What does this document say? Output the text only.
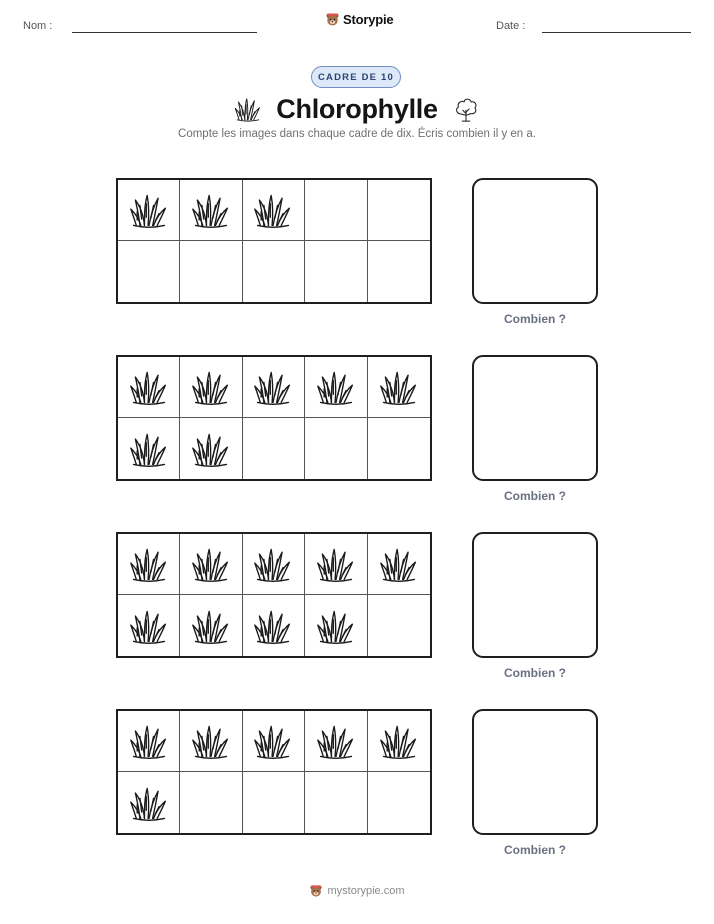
Nom :	Storypie	Date :
CADRE DE 10
Chlorophylle
Compte les images dans chaque cadre de dix. Écris combien il y en a.
Combien ?
Combien ?
Combien ?
Combien ?
mystorypie.com
